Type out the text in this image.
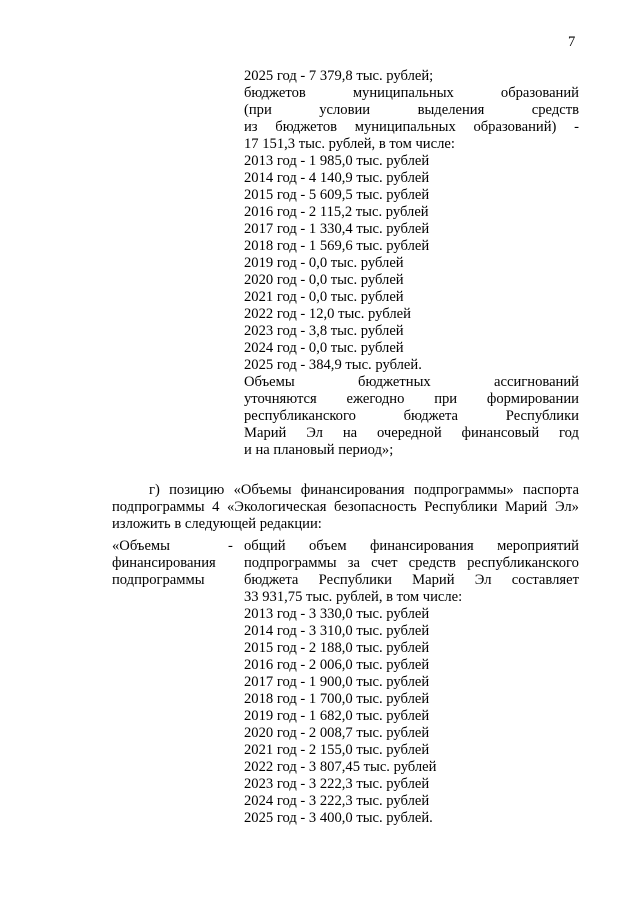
7
2025 год - 7 379,8 тыс. рублей;
бюджетов	муниципальных	образований
(при	условии	выделения	средств
из бюджетов муниципальных образований) -
17 151,3 тыс. рублей, в том числе:
2013 год - 1 985,0 тыс. рублей
2014 год - 4 140,9 тыс. рублей
2015 год - 5 609,5 тыс. рублей
2016 год - 2 115,2 тыс. рублей
2017 год - 1 330,4 тыс. рублей
2018 год - 1 569,6 тыс. рублей
2019 год - 0,0 тыс. рублей
2020 год - 0,0 тыс. рублей
2021 год - 0,0 тыс. рублей
2022 год - 12,0 тыс. рублей
2023 год - 3,8 тыс. рублей
2024 год - 0,0 тыс. рублей
2025 год - 384,9 тыс. рублей.
Объемы	бюджетных	ассигнований
уточняются ежегодно при формировании
республиканского	бюджета	Республики
Марий Эл на очередной финансовый год
и на плановый период»;
г) позицию «Объемы финансирования подпрограммы» паспорта
подпрограммы 4 «Экологическая безопасность Республики Марий Эл»
изложить в следующей редакции:
«Объемы
финансирования
подпрограммы
- общий объем финансирования мероприятий
подпрограммы за счет средств республиканского
бюджета Республики Марий Эл составляет
33 931,75 тыс. рублей, в том числе:
2013 год - 3 330,0 тыс. рублей
2014 год - 3 310,0 тыс. рублей
2015 год - 2 188,0 тыс. рублей
2016 год - 2 006,0 тыс. рублей
2017 год - 1 900,0 тыс. рублей
2018 год - 1 700,0 тыс. рублей
2019 год - 1 682,0 тыс. рублей
2020 год - 2 008,7 тыс. рублей
2021 год - 2 155,0 тыс. рублей
2022 год - 3 807,45 тыс. рублей
2023 год - 3 222,3 тыс. рублей
2024 год - 3 222,3 тыс. рублей
2025 год - 3 400,0 тыс. рублей.
